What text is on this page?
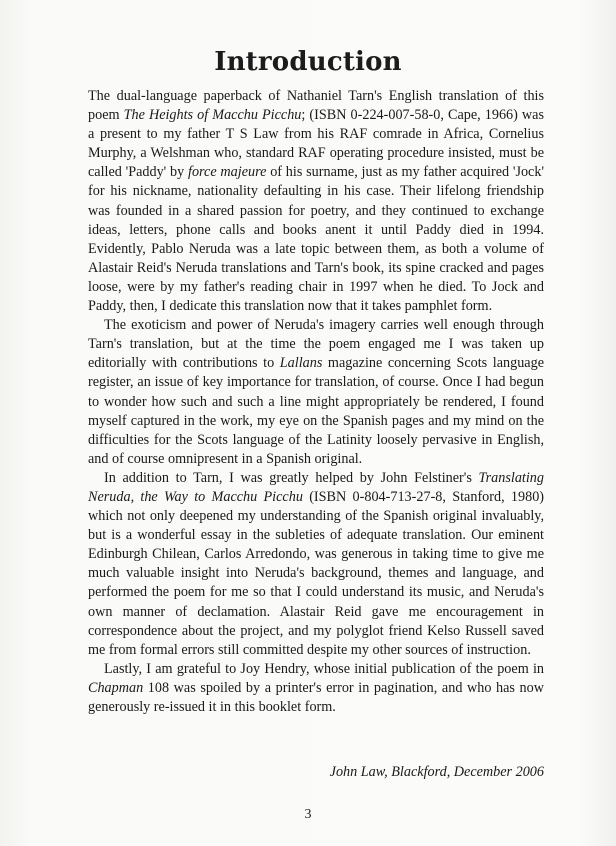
Introduction

The dual-language paperback of Nathaniel Tarn's English translation of this poem The Heights of Macchu Picchu; (ISBN 0-224-007-58-0, Cape, 1966) was a present to my father T S Law from his RAF comrade in Africa, Cornelius Murphy, a Welshman who, standard RAF operating procedure insisted, must be called 'Paddy' by force majeure of his surname, just as my father acquired 'Jock' for his nickname, nationality defaulting in his case. Their lifelong friendship was founded in a shared passion for poetry, and they continued to exchange ideas, letters, phone calls and books anent it until Paddy died in 1994. Evidently, Pablo Neruda was a late topic between them, as both a volume of Alastair Reid's Neruda translations and Tarn's book, its spine cracked and pages loose, were by my father's reading chair in 1997 when he died. To Jock and Paddy, then, I dedicate this translation now that it takes pamphlet form.

The exoticism and power of Neruda's imagery carries well enough through Tarn's translation, but at the time the poem engaged me I was taken up editorially with contributions to Lallans magazine concerning Scots language register, an issue of key importance for translation, of course. Once I had begun to wonder how such and such a line might appropriately be rendered, I found myself captured in the work, my eye on the Spanish pages and my mind on the difficulties for the Scots language of the Latinity loosely pervasive in English, and of course omnipresent in a Spanish original.

In addition to Tarn, I was greatly helped by John Felstiner's Translating Neruda, the Way to Macchu Picchu (ISBN 0-804-713-27-8, Stanford, 1980) which not only deepened my understanding of the Spanish original invaluably, but is a wonderful essay in the subleties of adequate translation. Our eminent Edinburgh Chilean, Carlos Arredondo, was generous in taking time to give me much valuable insight into Neruda's background, themes and language, and performed the poem for me so that I could understand its music, and Neruda's own manner of declamation. Alastair Reid gave me encouragement in correspondence about the project, and my polyglot friend Kelso Russell saved me from formal errors still committed despite my other sources of instruction.

Lastly, I am grateful to Joy Hendry, whose initial publication of the poem in Chapman 108 was spoiled by a printer's error in pagination, and who has now generously re-issued it in this booklet form.

John Law, Blackford, December 2006
3
